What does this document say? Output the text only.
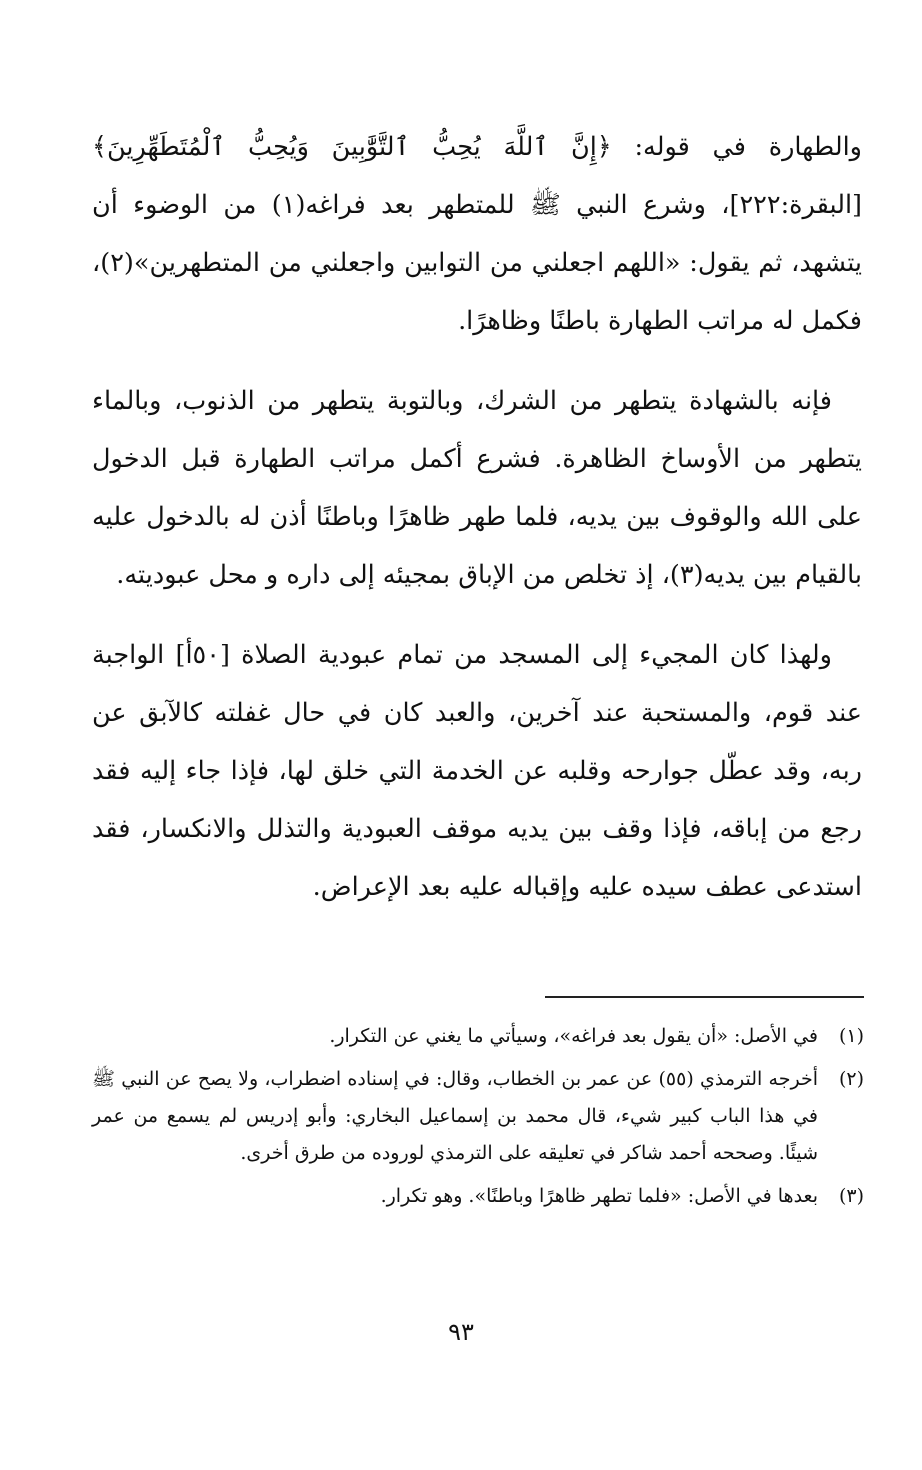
والطهارة في قوله: ﴿إِنَّ ٱللَّهَ يُحِبُّ ٱلتَّوَّٰبِينَ وَيُحِبُّ ٱلْمُتَطَهِّرِينَ﴾ [البقرة:٢٢٢]، وشرع النبي ﷺ للمتطهر بعد فراغه(١) من الوضوء أن يتشهد، ثم يقول: «اللهم اجعلني من التوابين واجعلني من المتطهرين»(٢)، فكمل له مراتب الطهارة باطنًا وظاهرًا.

فإنه بالشهادة يتطهر من الشرك، وبالتوبة يتطهر من الذنوب، وبالماء يتطهر من الأوساخ الظاهرة. فشرع أكمل مراتب الطهارة قبل الدخول على الله والوقوف بين يديه، فلما طهر ظاهرًا وباطنًا أذن له بالدخول عليه بالقيام بين يديه(٣)، إذ تخلص من الإباق بمجيئه إلى داره و محل عبوديته.

ولهذا كان المجيء إلى المسجد من تمام عبودية الصلاة [٥٠أ] الواجبة عند قوم، والمستحبة عند آخرين، والعبد كان في حال غفلته كالآبق عن ربه، وقد عطّل جوارحه وقلبه عن الخدمة التي خلق لها، فإذا جاء إليه فقد رجع من إباقه، فإذا وقف بين يديه موقف العبودية والتذلل والانكسار، فقد استدعى عطف سيده عليه وإقباله عليه بعد الإعراض.

(١)
في الأصل: «أن يقول بعد فراغه»، وسيأتي ما يغني عن التكرار.
(٢)
أخرجه الترمذي (٥٥) عن عمر بن الخطاب، وقال: في إسناده اضطراب، ولا يصح عن النبي ﷺ في هذا الباب كبير شيء، قال محمد بن إسماعيل البخاري: وأبو إدريس لم يسمع من عمر شيئًا. وصححه أحمد شاكر في تعليقه على الترمذي لوروده من طرق أخرى.
(٣)
بعدها في الأصل: «فلما تطهر ظاهرًا وباطنًا». وهو تكرار.
٩٣
